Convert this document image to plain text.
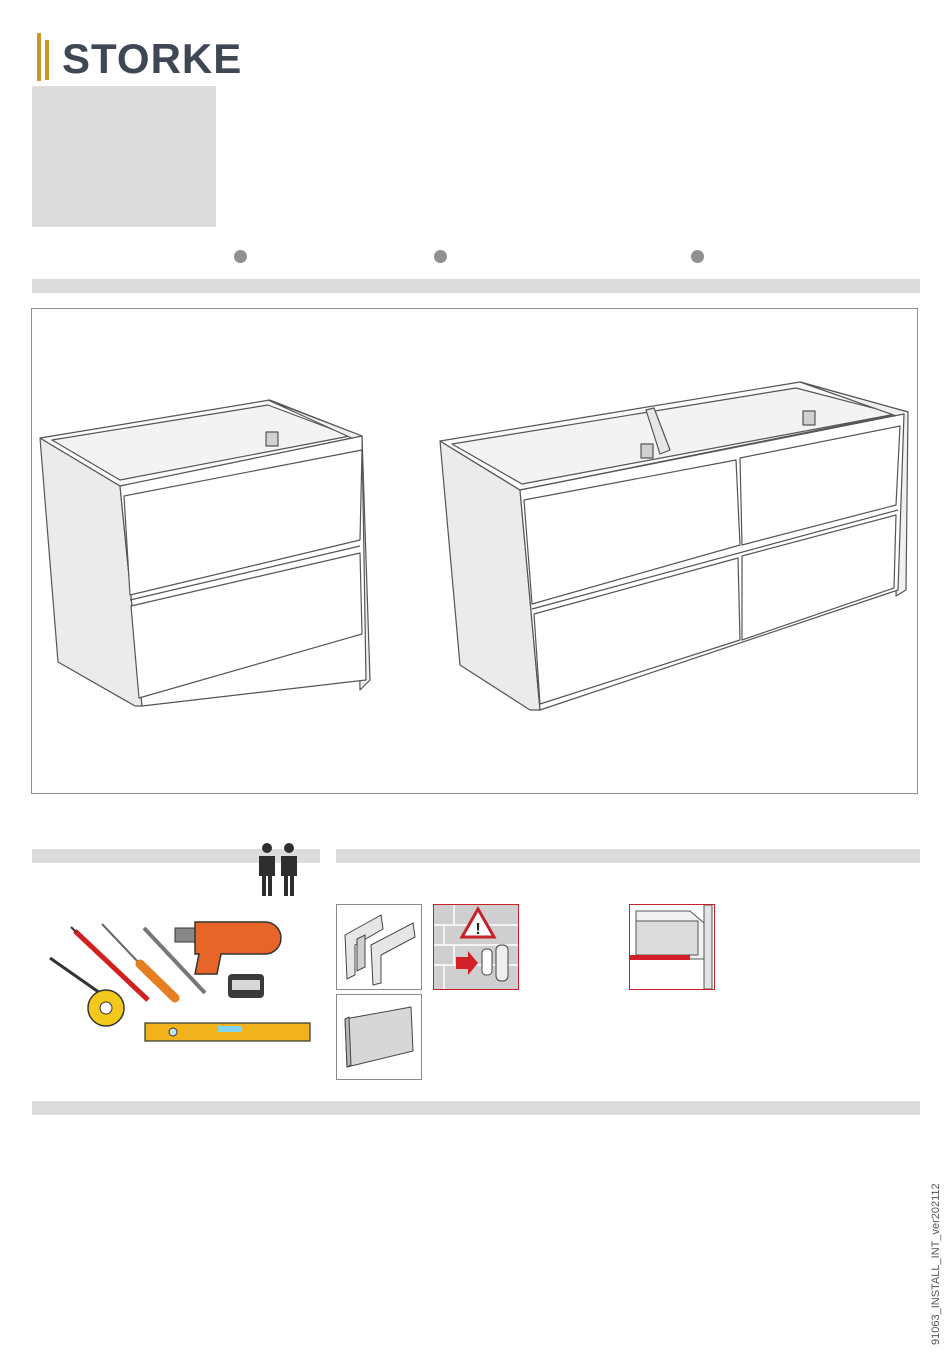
STORKE
!
91063_INSTALL_INT_ver202112
